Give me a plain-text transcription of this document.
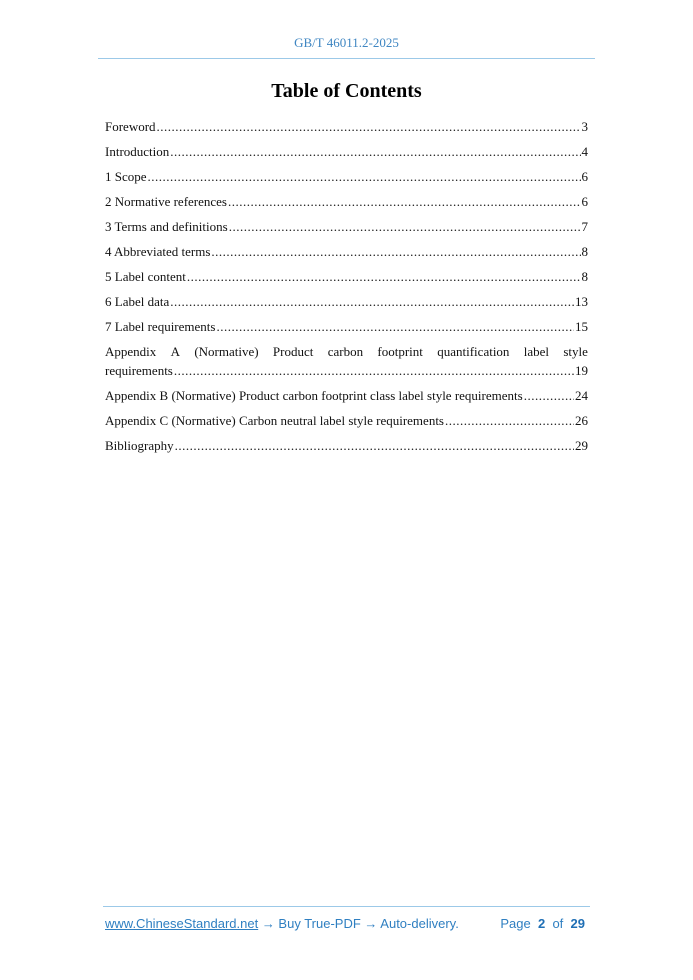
GB/T 46011.2-2025
Table of Contents
Foreword .....	3
Introduction .....	4
1 Scope .....	6
2 Normative references .....	6
3 Terms and definitions .....	7
4 Abbreviated terms .....	8
5 Label content .....	8
6 Label data .....	13
7 Label requirements .....	15
Appendix A (Normative) Product carbon footprint quantification label style
requirements .....	19
Appendix B (Normative) Product carbon footprint class label style requirements .....	24
Appendix C (Normative) Carbon neutral label style requirements .....	26
Bibliography .....	29
www.ChineseStandard.net → Buy True-PDF → Auto-delivery.	Page 2 of 29
